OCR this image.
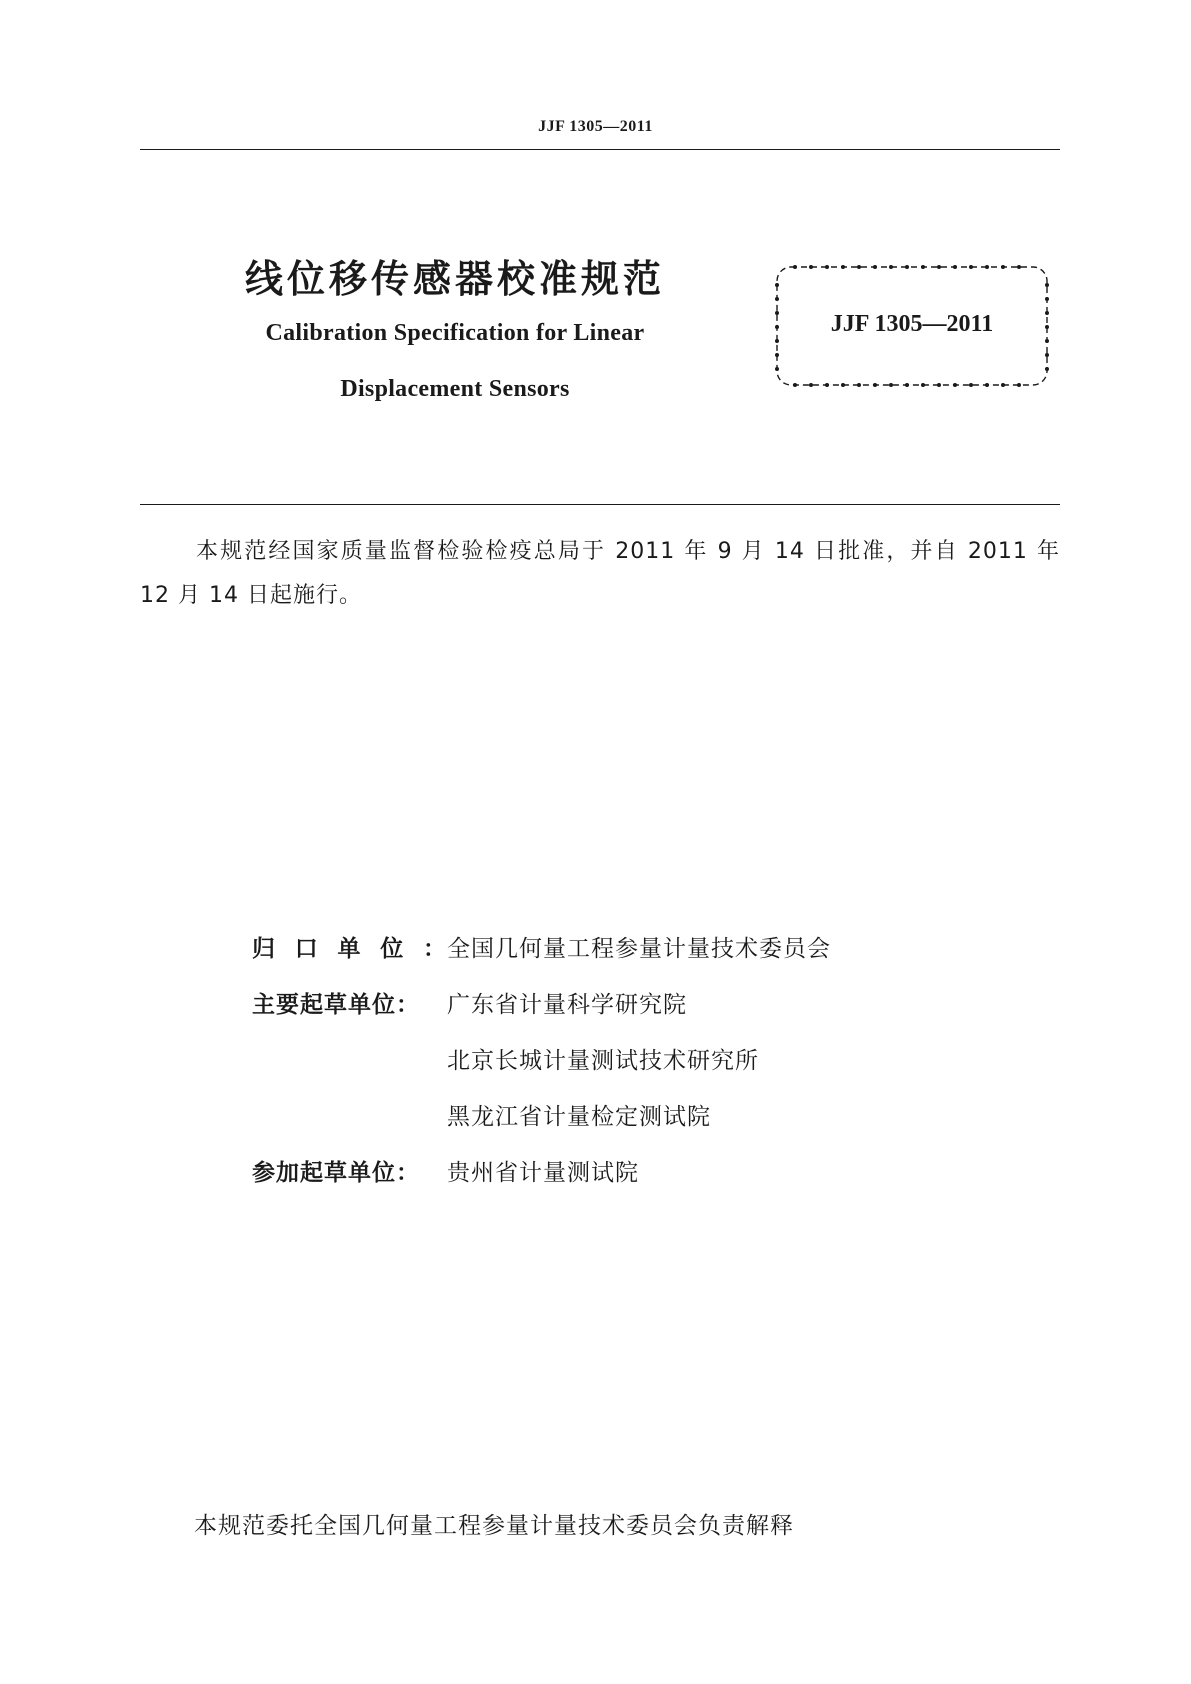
JJF 1305—2011
线位移传感器校准规范
Calibration Specification for Linear
Displacement Sensors
JJF 1305—2011
本规范经国家质量监督检验检疫总局于 2011 年 9 月 14 日批准，并自 2011 年 12 月 14 日起施行。
归 口 单 位 ： 全国几何量工程参量计量技术委员会
主要起草单位：	广东省计量科学研究院
北京长城计量测试技术研究所
黑龙江省计量检定测试院
参加起草单位：	贵州省计量测试院
本规范委托全国几何量工程参量计量技术委员会负责解释
